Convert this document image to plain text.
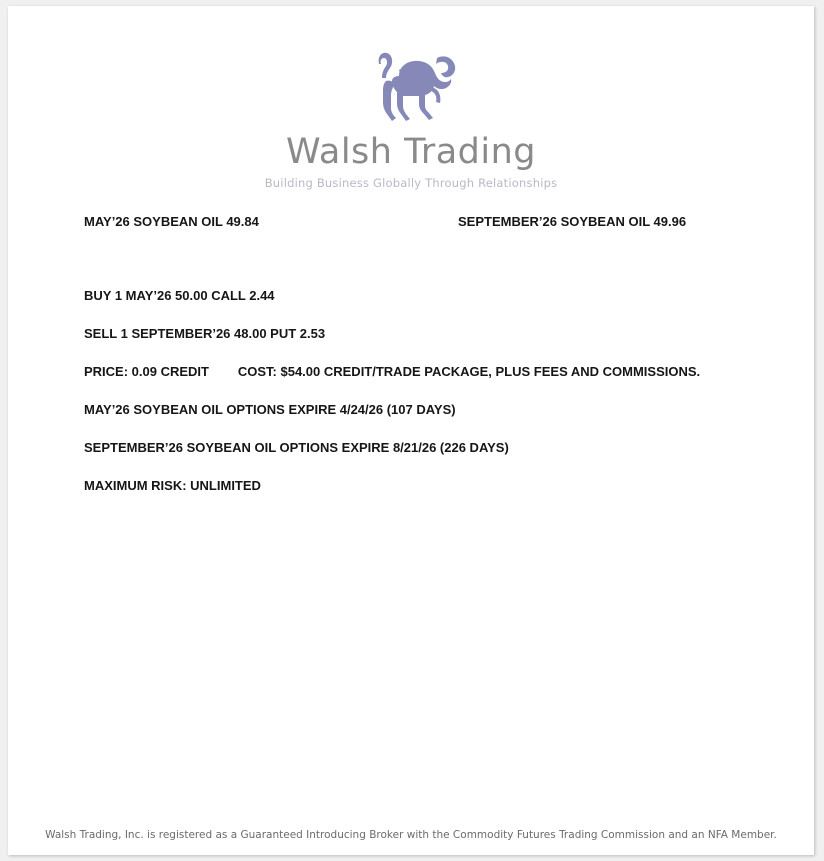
Walsh Trading
Building Business Globally Through Relationships
MAY’26 SOYBEAN OIL 49.84	SEPTEMBER’26 SOYBEAN OIL 49.96

BUY 1 MAY’26 50.00 CALL 2.44

SELL 1 SEPTEMBER’26 48.00 PUT 2.53

PRICE: 0.09 CREDIT        COST: $54.00 CREDIT/TRADE PACKAGE, PLUS FEES AND COMMISSIONS.

MAY’26 SOYBEAN OIL OPTIONS EXPIRE 4/24/26 (107 DAYS)

SEPTEMBER’26 SOYBEAN OIL OPTIONS EXPIRE 8/21/26 (226 DAYS)

MAXIMUM RISK: UNLIMITED

Walsh Trading, Inc. is registered as a Guaranteed Introducing Broker with the Commodity Futures Trading Commission and an NFA Member.
